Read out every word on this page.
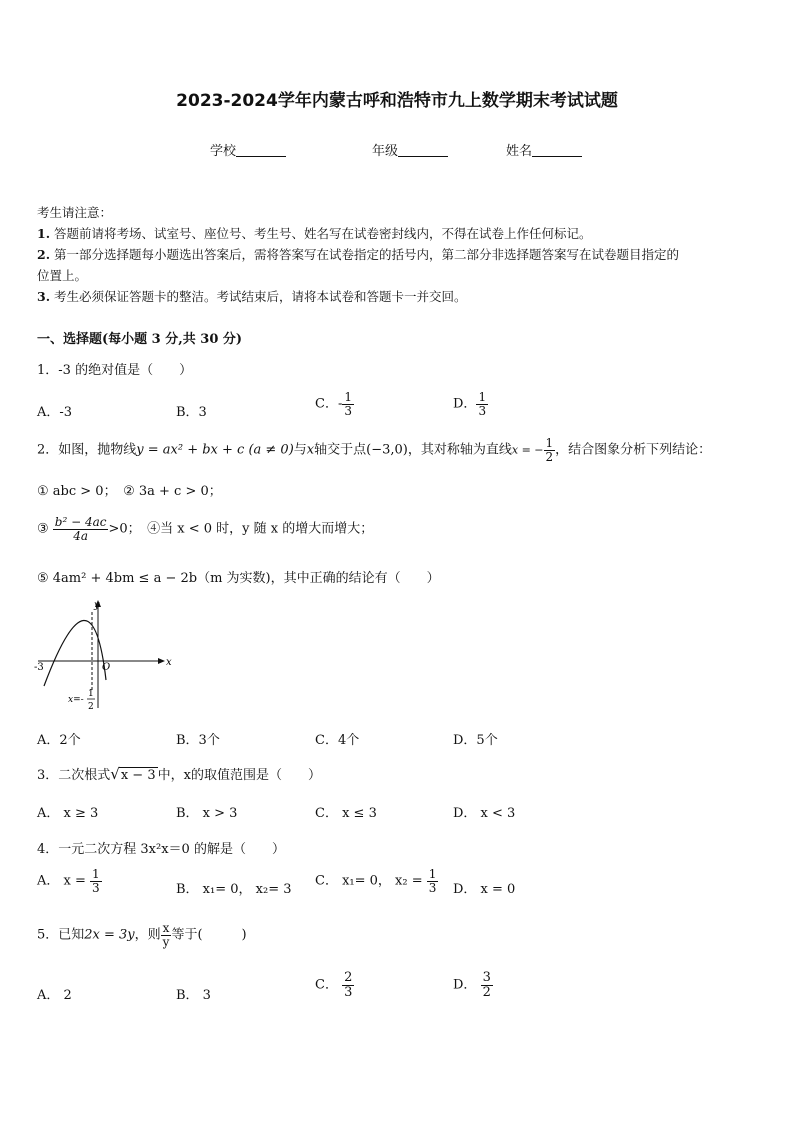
2023-2024学年内蒙古呼和浩特市九上数学期末考试试题
学校	年级	姓名
考生请注意：
1. 答题前请将考场、试室号、座位号、考生号、姓名写在试卷密封线内，不得在试卷上作任何标记。
2. 第一部分选择题每小题选出答案后，需将答案写在试卷指定的括号内，第二部分非选择题答案写在试卷题目指定的
位置上。
3. 考生必须保证答题卡的整洁。考试结束后，请将本试卷和答题卡一并交回。
一、选择题(每小题 3 分,共 30 分)
1．-3 的绝对值是（　　）
A．-3	B．3
C．- $\frac{1}{3}$	D． $\frac{1}{3}$
2．如图，抛物线y = ax² + bx + c (a ≠ 0)与x轴交于点(−3,0)，其对称轴为直线x = − $\frac{1}{2}$ ，结合图象分析下列结论：
① abc > 0；　② 3a + c > 0；
③ $\frac{\text{b² − 4ac}}{4a} >0$；　④当 x < 0 时，y 随 x 的增大而增大；
⑤ 4am² + 4bm ≤ a − 2b（m 为实数)，其中正确的结论有（　　）
-3	O	x
y
x=-
1
2
A．2个	B．3个	C．4个	D．5个
3．二次根式√x − 3 中，x的取值范围是（　　）
A． x ≥ 3	B． x > 3	C． x ≤ 3	D． x < 3
4．一元二次方程 3x²x＝0 的解是（　　）
A． $x = \frac{1}{3}$	B． x₁= 0， x₂= 3
C． x₁= 0， $x_2 = \frac{1}{3}$ D． x = 0
5．已知2x = 3y，则 $\frac{x}{y}$ 等于(　　　)
A． 2	B． 3
C． $\frac{2}{3}$	D． $\frac{3}{2}$
